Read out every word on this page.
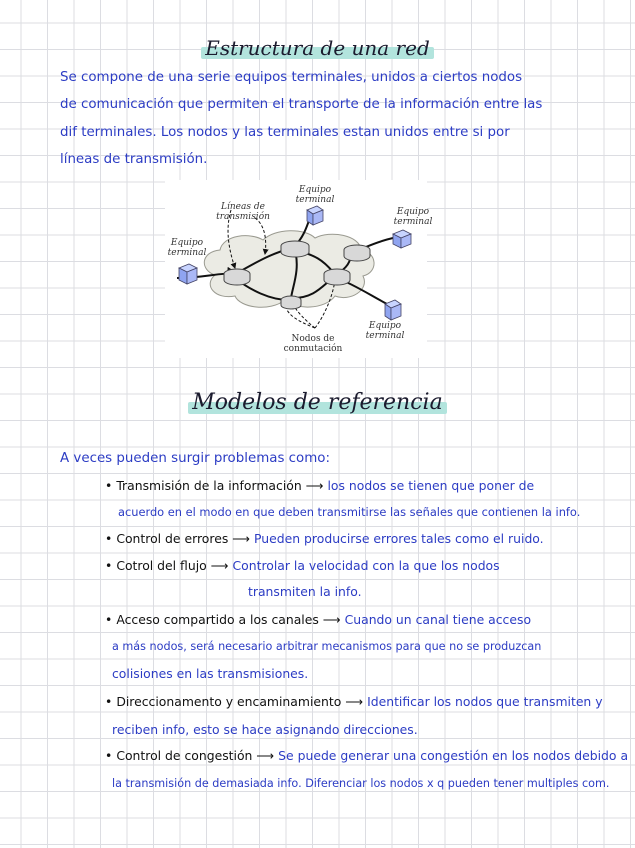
Estructura de una red
Se compone de una serie equipos terminales, unidos a ciertos nodos
de comunicación que permiten el transporte de la información entre las
dif terminales. Los nodos y las terminales estan unidos entre si por
líneas de transmisión.
Líneas de
transmisión
Equipo
terminal
Equipo
terminal
Equipo
terminal
Equipo
terminal
Nodos de
conmutación
Modelos de referencia
A veces pueden surgir problemas como:
• Transmisión de la información ⟶ los nodos se tienen que poner de
acuerdo en el modo en que deben transmitirse las señales que contienen la info.
• Control de errores ⟶ Pueden producirse errores tales como el ruido.
• Cotrol del flujo ⟶ Controlar la velocidad con la que los nodos
transmiten la info.
• Acceso compartido a los canales ⟶ Cuando un canal tiene acceso
a más nodos, será necesario arbitrar mecanismos para que no se produzcan
colisiones en las transmisiones.
• Direccionamento y encaminamiento ⟶ Identificar los nodos que transmiten y
reciben info, esto se hace asignando direcciones.
• Control de congestión ⟶ Se puede generar una congestión en los nodos debido a
la transmisión de demasiada info. Diferenciar los nodos x q pueden tener multiples com.
